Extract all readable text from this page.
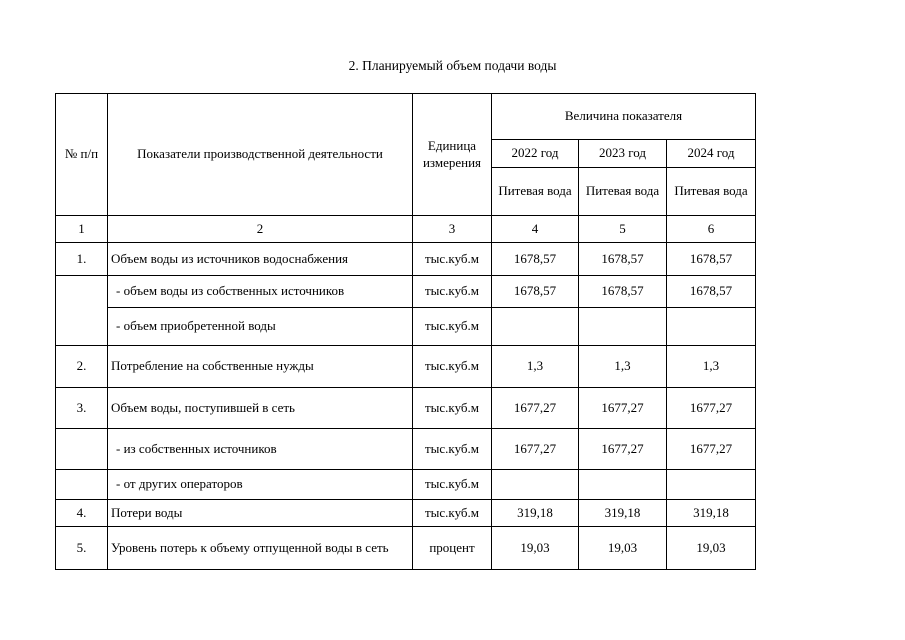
2. Планируемый объем подачи воды
№ п/п	Показатели производственной деятельности	Единица измерения	Величина показателя		
			2022 год	2023 год	2024 год
			Питевая вода	Питевая вода	Питевая вода
1	2	3	4	5	6
1.	Объем воды из источников водоснабжения	тыс.куб.м	1678,57	1678,57	1678,57
	- объем воды из собственных источников	тыс.куб.м	1678,57	1678,57	1678,57
	- объем приобретенной воды	тыс.куб.м			
2.	Потребление на собственные нужды	тыс.куб.м	1,3	1,3	1,3
3.	Объем воды, поступившей в сеть	тыс.куб.м	1677,27	1677,27	1677,27
	- из собственных источников	тыс.куб.м	1677,27	1677,27	1677,27
	- от других операторов	тыс.куб.м			
4.	Потери воды	тыс.куб.м	319,18	319,18	319,18
5.	Уровень потерь к объему отпущенной воды в сеть	процент	19,03	19,03	19,03
